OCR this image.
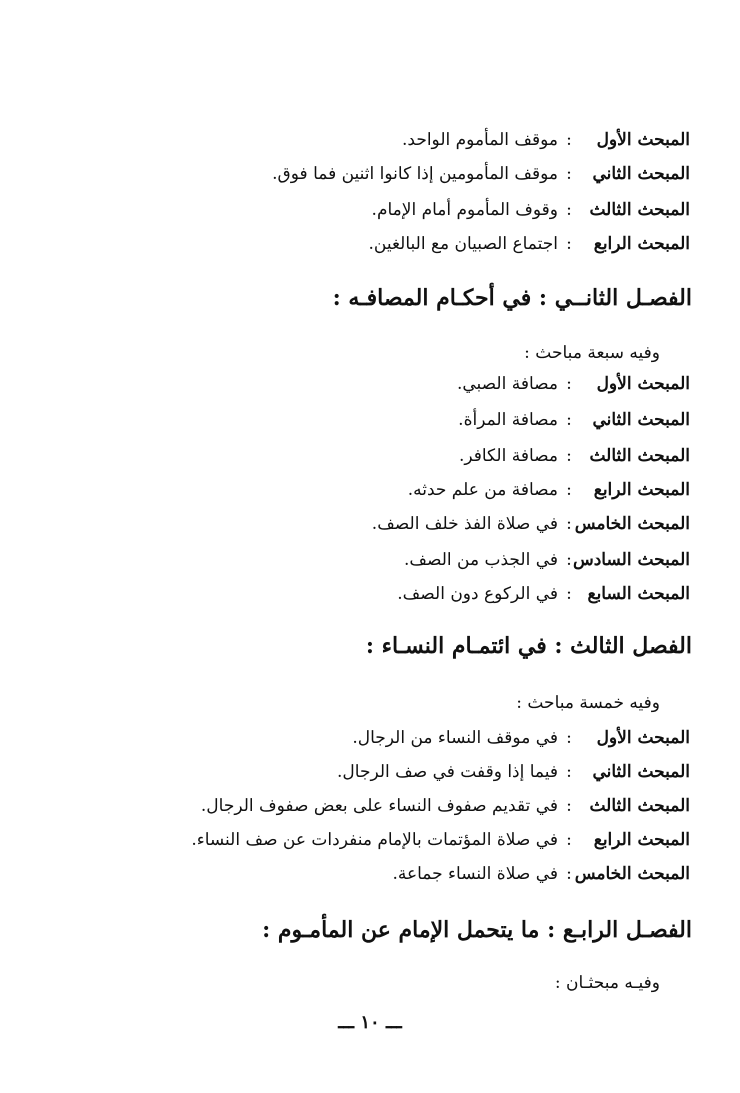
المبحث الأول
:
موقف المأموم الواحد.
المبحث الثاني
:
موقف المأمومين إذا كانوا اثنين فما فوق.
المبحث الثالث
:
وقوف المأموم أمام الإمام.
المبحث الرابع
:
اجتماع الصبيان مع البالغين.
الفصـل الثانــي : في أحكـام المصافـه :
وفيه سبعة مباحث :
المبحث الأول
:
مصافة الصبي.
المبحث الثاني
:
مصافة المرأة.
المبحث الثالث
:
مصافة الكافر.
المبحث الرابع
:
مصافة من علم حدثه.
المبحث الخامس
:
في صلاة الفذ خلف الصف.
المبحث السادس
:
في الجذب من الصف.
المبحث السابع
:
في الركوع دون الصف.
الفصل الثالث : في ائتمـام النسـاء :
وفيه خمسة مباحث :
المبحث الأول
:
في موقف النساء من الرجال.
المبحث الثاني
:
فيما إذا وقفت في صف الرجال.
المبحث الثالث
:
في تقديم صفوف النساء على بعض صفوف الرجال.
المبحث الرابع
:
في صلاة المؤتمات بالإمام منفردات عن صف النساء.
المبحث الخامس
:
في صلاة النساء جماعة.
الفصـل الرابـع : ما يتحمل الإمام عن المأمـوم :
وفيـه مبحثـان :
ـــ ١٠ ـــ
